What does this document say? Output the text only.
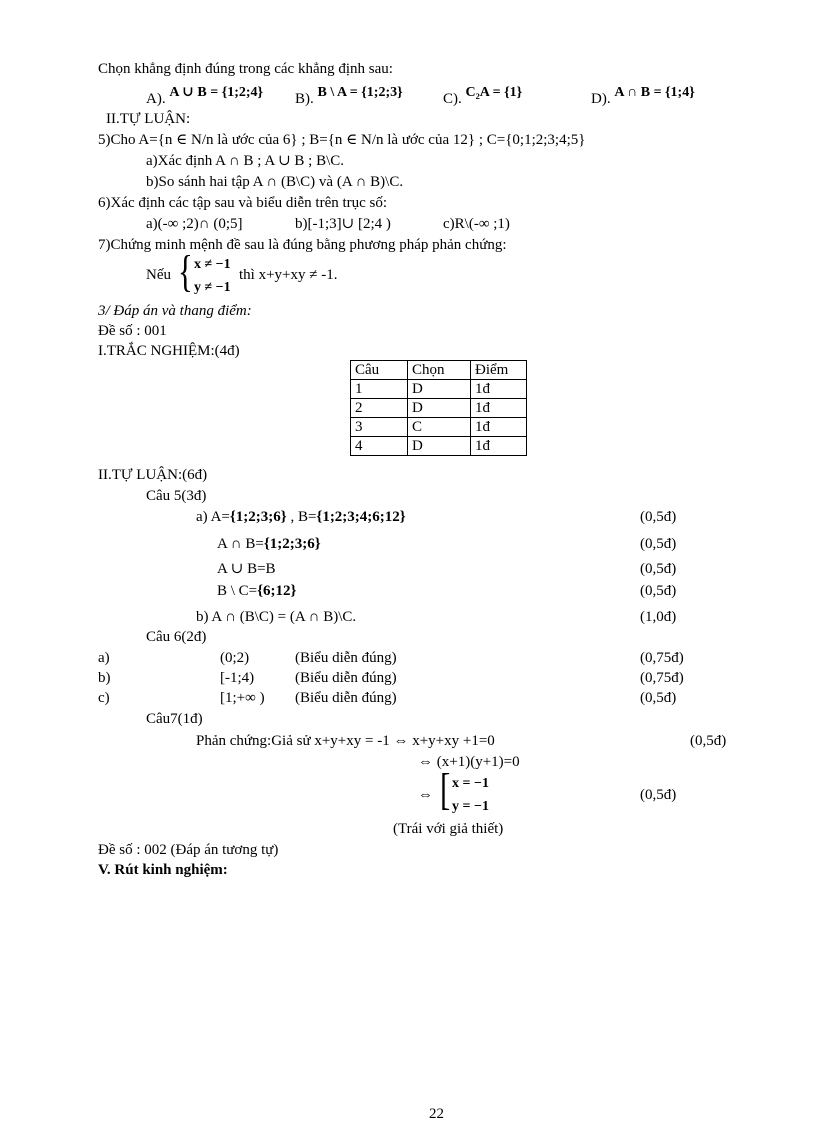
Chọn khẳng định đúng trong các khẳng định sau:
A). A ∪ B = {1;2;4} B). B \ A = {1;2;3}	C). C₂A = {1}	D). A ∩ B = {1;4}
II.TỰ LUẬN:
5)Cho A={n ∈ N/n là ước của 6} ; B={n ∈ N/n là ước của 12} ; C={0;1;2;3;4;5}
a)Xác định A ∩ B ; A ∪ B ; B\C.
b)So sánh hai tập A ∩ (B\C) và (A ∩ B)\C.
6)Xác định các tập sau và biểu diễn trên trục số:
a)(-∞ ;2)∩ (0;5]	b)[-1;3]∪ [2;4 )	c)R\(-∞ ;1)
7)Chứng minh mệnh đề sau là đúng bằng phương pháp phản chứng:
Nếu { x ≠ −1
y ≠ −1
thì x+y+xy ≠ -1.
3/ Đáp án và thang điểm:
Đề số : 001
I.TRẮC NGHIỆM:(4đ)
Câu	Chọn	Điểm
1	D	1đ
2	D	1đ
3	C	1đ
4	D	1đ
II.TỰ LUẬN:(6đ)
Câu 5(3đ)
a) A={1;2;3;6} , B={1;2;3;4;6;12}	(0,5đ)
A ∩ B={1;2;3;6}	(0,5đ)
A ∪ B=B	(0,5đ)
B \ C={6;12}	(0,5đ)
b) A ∩ (B\C) = (A ∩ B)\C.	(1,0đ)
Câu 6(2đ)
a)	(0;2)	(Biểu diễn đúng)	(0,75đ)
b)	[-1;4)	(Biểu diễn đúng)	(0,75đ)
c)	[1;+∞ ) (Biểu diễn đúng)	(0,5đ)
Câu7(1đ)
Phản chứng:Giả sử x+y+xy = -1 ⇔ x+y+xy +1=0	(0,5đ)
⇔ (x+1)(y+1)=0
⇔ [ x = −1
y = −1
(0,5đ)
(Trái với giả thiết)
Đề số : 002 (Đáp án tương tự)
V. Rút kinh nghiệm:
22
